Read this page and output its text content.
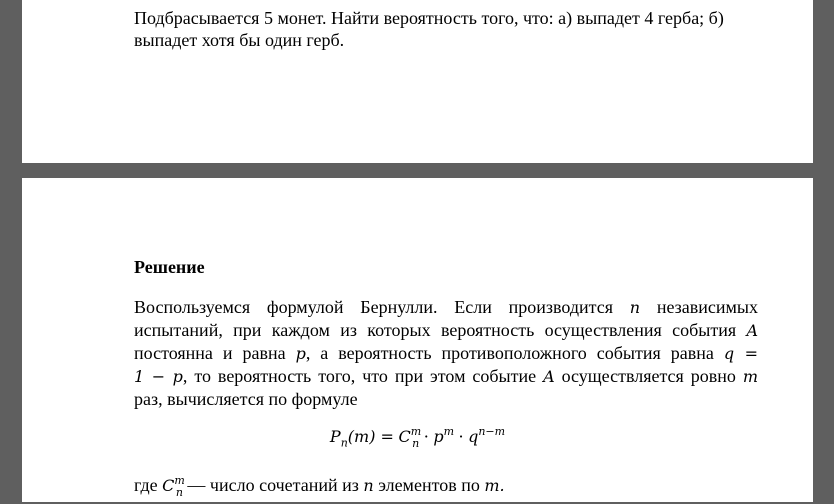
Подбрасывается 5 монет. Найти вероятность того, что: а) выпадет 4 герба; б)
выпадет хотя бы один герб.

Решение

Воспользуемся формулой Бернулли. Если производится n независимых
испытаний, при каждом из которых вероятность осуществления события A
постоянна и равна p, а вероятность противоположного события равна q =
1 − p, то вероятность того, что при этом событие A осуществляется ровно m
раз, вычисляется по формуле

$P_n(m) = C^m_n \cdot p^m \cdot q^{n-m}$

где $C^m_n$ — число сочетаний из n элементов по m.
